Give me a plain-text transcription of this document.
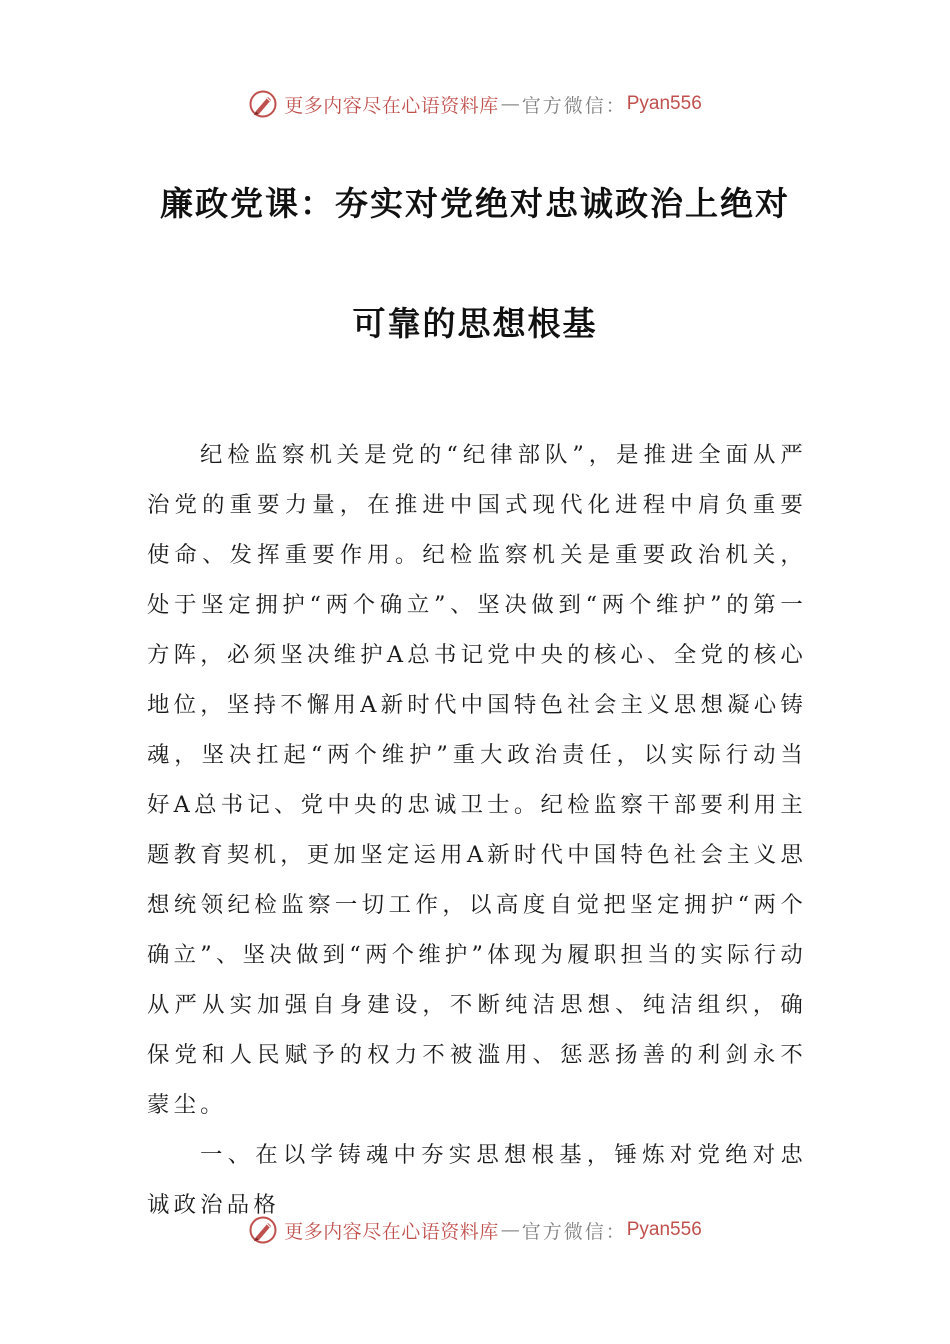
更多内容尽在心语资料库 — 官方微信： Pyan556
廉政党课：夯实对党绝对忠诚政治上绝对
可靠的思想根基

纪检监察机关是党的“纪律部队”，是推进全面从严治党的重要力量，在推进中国式现代化进程中肩负重要使命、发挥重要作用。纪检监察机关是重要政治机关，处于坚定拥护“两个确立”、坚决做到“两个维护”的第一方阵，必须坚决维护A总书记党中央的核心、全党的核心地位，坚持不懈用A新时代中国特色社会主义思想凝心铸魂，坚决扛起“两个维护”重大政治责任，以实际行动当好A总书记、党中央的忠诚卫士。纪检监察干部要利用主题教育契机，更加坚定运用A新时代中国特色社会主义思想统领纪检监察一切工作，以高度自觉把坚定拥护“两个确立”、坚决做到“两个维护”体现为履职担当的实际行动从严从实加强自身建设，不断纯洁思想、纯洁组织，确保党和人民赋予的权力不被滥用、惩恶扬善的利剑永不蒙尘。

一、在以学铸魂中夯实思想根基，锤炼对党绝对忠诚政治品格

更多内容尽在心语资料库 — 官方微信： Pyan556
